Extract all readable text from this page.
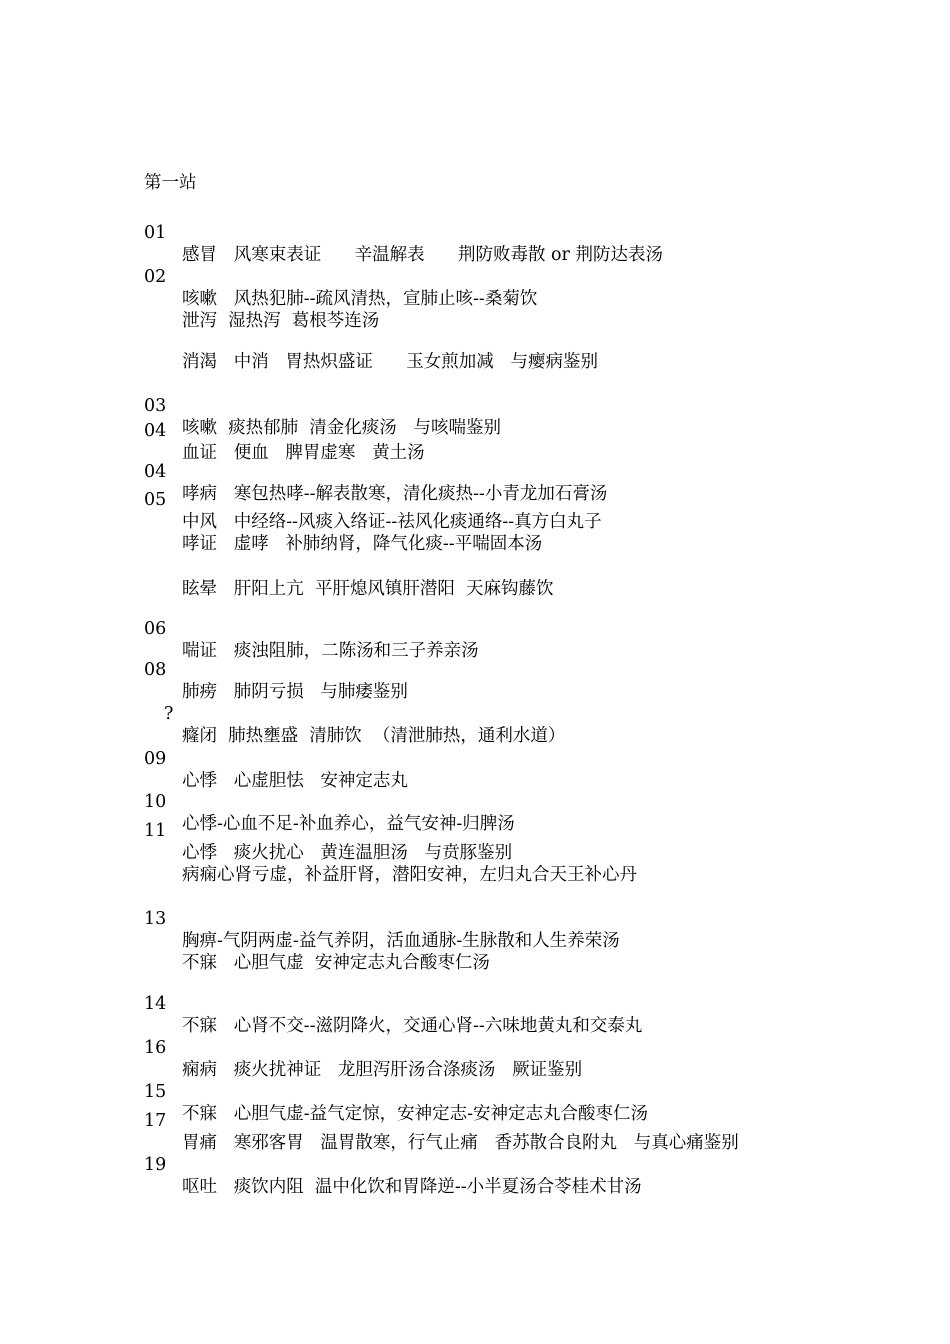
第一站

01

感冒   风寒束表证      辛温解表      荆防败毒散 or 荆防达表汤

02

咳嗽   风热犯肺--疏风清热，宣肺止咳--桑菊饮

泄泻  湿热泻  葛根芩连汤

消渴   中消   胃热炽盛证      玉女煎加减   与瘿病鉴别

03

咳嗽  痰热郁肺  清金化痰汤   与咳喘鉴别

04

血证   便血   脾胃虚寒   黄土汤

04

哮病   寒包热哮--解表散寒，清化痰热--小青龙加石膏汤

05

中风   中经络--风痰入络证--祛风化痰通络--真方白丸子

哮证   虚哮   补肺纳肾，降气化痰--平喘固本汤

眩晕   肝阳上亢  平肝熄风镇肝潜阳  天麻钩藤饮

06

喘证   痰浊阻肺，二陈汤和三子养亲汤

08

肺痨   肺阴亏损   与肺痿鉴别

?

癃闭  肺热壅盛  清肺饮  （清泄肺热，通利水道）

09

心悸   心虚胆怯   安神定志丸

10

心悸-心血不足-补血养心，益气安神-归脾汤

11

心悸   痰火扰心   黄连温胆汤   与贲豚鉴别

病痫心肾亏虚，补益肝肾，潜阳安神，左归丸合天王补心丹

13

胸痹-气阴两虚-益气养阴，活血通脉-生脉散和人生养荣汤

不寐   心胆气虚  安神定志丸合酸枣仁汤

14

不寐   心肾不交--滋阴降火，交通心肾--六味地黄丸和交泰丸

16

痫病   痰火扰神证   龙胆泻肝汤合涤痰汤   厥证鉴别

15

不寐   心胆气虚-益气定惊，安神定志-安神定志丸合酸枣仁汤

17

胃痛   寒邪客胃   温胃散寒，行气止痛   香苏散合良附丸   与真心痛鉴别

19

呕吐   痰饮内阻  温中化饮和胃降逆--小半夏汤合苓桂术甘汤
